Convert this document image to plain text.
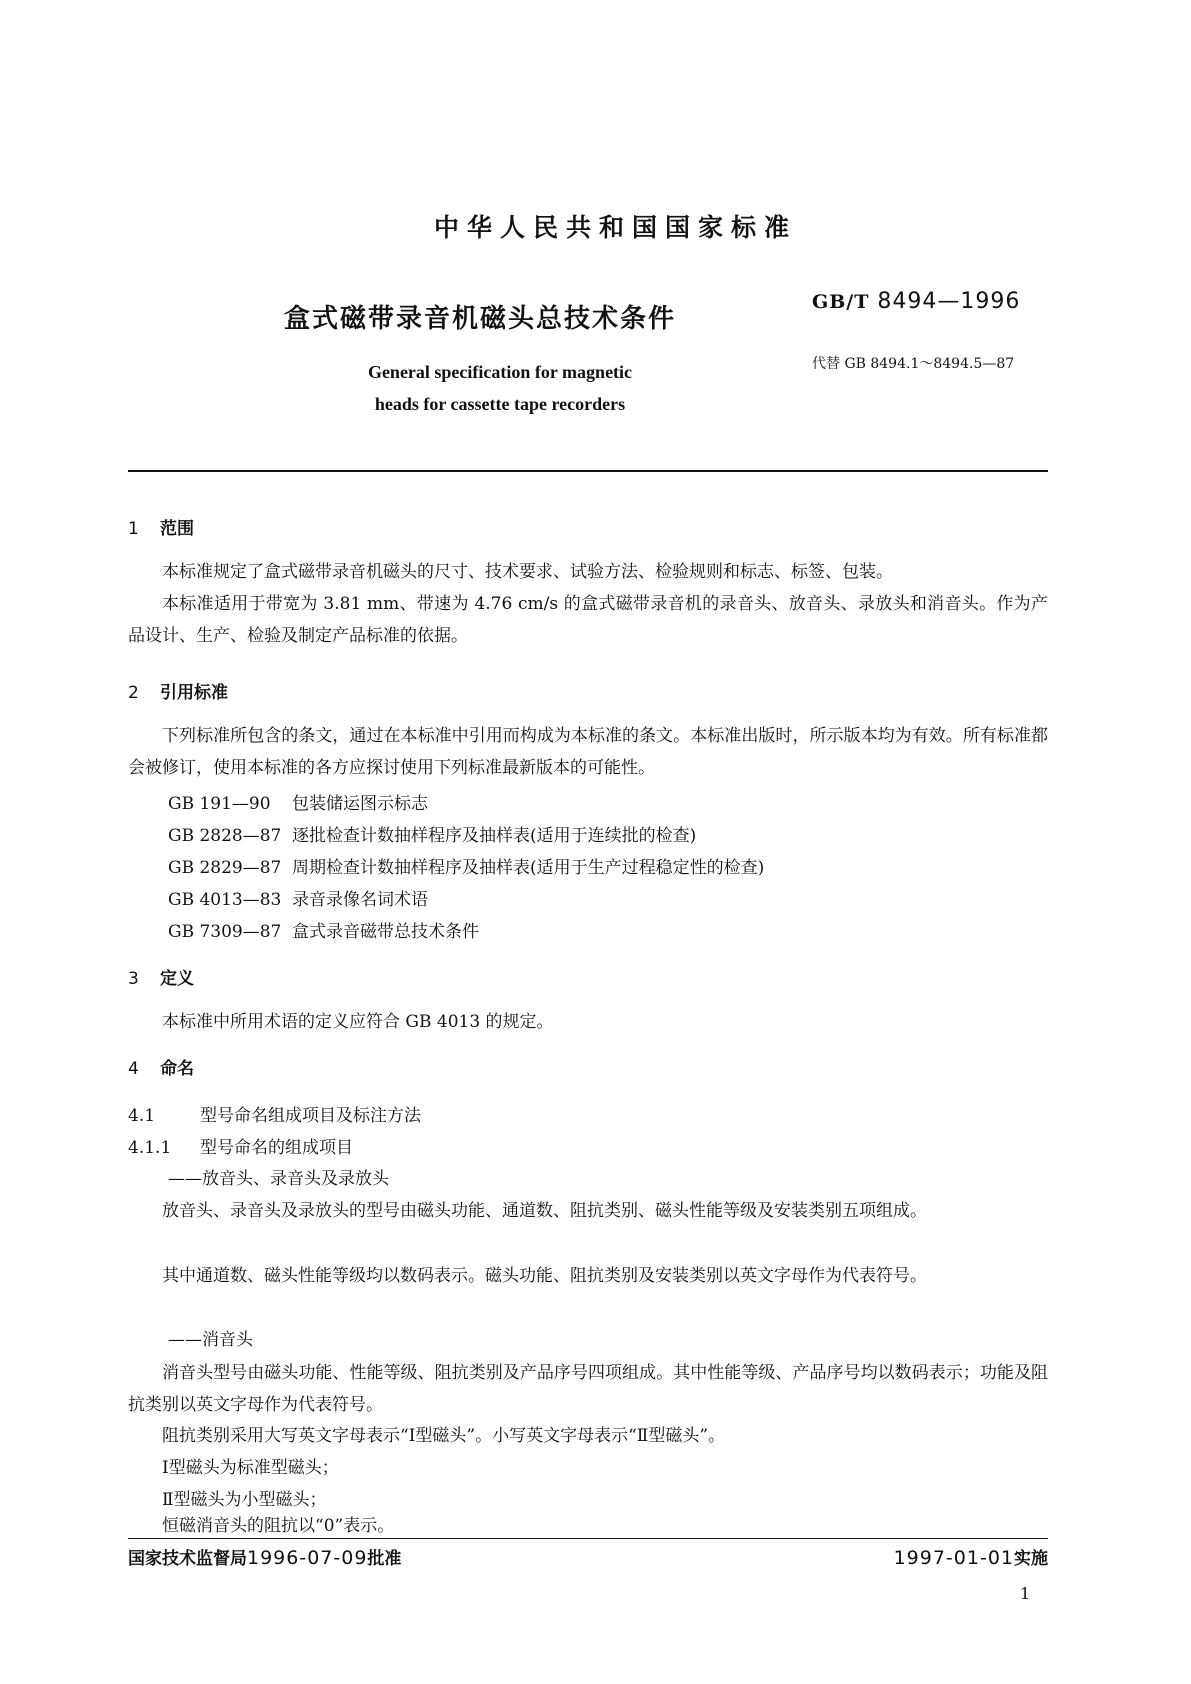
中华人民共和国国家标准
盒式磁带录音机磁头总技术条件
GB/T 8494—1996
代替 GB 8494.1～8494.5—87
General specification for magnetic
heads for cassette tape recorders
1 范围
本标准规定了盒式磁带录音机磁头的尺寸、技术要求、试验方法、检验规则和标志、标签、包装。
本标准适用于带宽为 3.81 mm、带速为 4.76 cm/s 的盒式磁带录音机的录音头、放音头、录放头和消音头。作为产品设计、生产、检验及制定产品标准的依据。
2 引用标准
下列标准所包含的条文，通过在本标准中引用而构成为本标准的条文。本标准出版时，所示版本均为有效。所有标准都会被修订，使用本标准的各方应探讨使用下列标准最新版本的可能性。
GB 191—90 包装储运图示标志
GB 2828—87 逐批检查计数抽样程序及抽样表(适用于连续批的检查)
GB 2829—87 周期检查计数抽样程序及抽样表(适用于生产过程稳定性的检查)
GB 4013—83 录音录像名词术语
GB 7309—87 盒式录音磁带总技术条件
3 定义
本标准中所用术语的定义应符合 GB 4013 的规定。
4 命名
4.1	型号命名组成项目及标注方法
4.1.1 型号命名的组成项目
——放音头、录音头及录放头
放音头、录音头及录放头的型号由磁头功能、通道数、阻抗类别、磁头性能等级及安装类别五项组成。
其中通道数、磁头性能等级均以数码表示。磁头功能、阻抗类别及安装类别以英文字母作为代表符号。
——消音头
消音头型号由磁头功能、性能等级、阻抗类别及产品序号四项组成。其中性能等级、产品序号均以数码表示；功能及阻抗类别以英文字母作为代表符号。
阻抗类别采用大写英文字母表示“Ⅰ型磁头”。小写英文字母表示“Ⅱ型磁头”。
Ⅰ型磁头为标准型磁头；
Ⅱ型磁头为小型磁头；
恒磁消音头的阻抗以“0”表示。
国家技术监督局1996-07-09批准	1997-01-01实施
1
